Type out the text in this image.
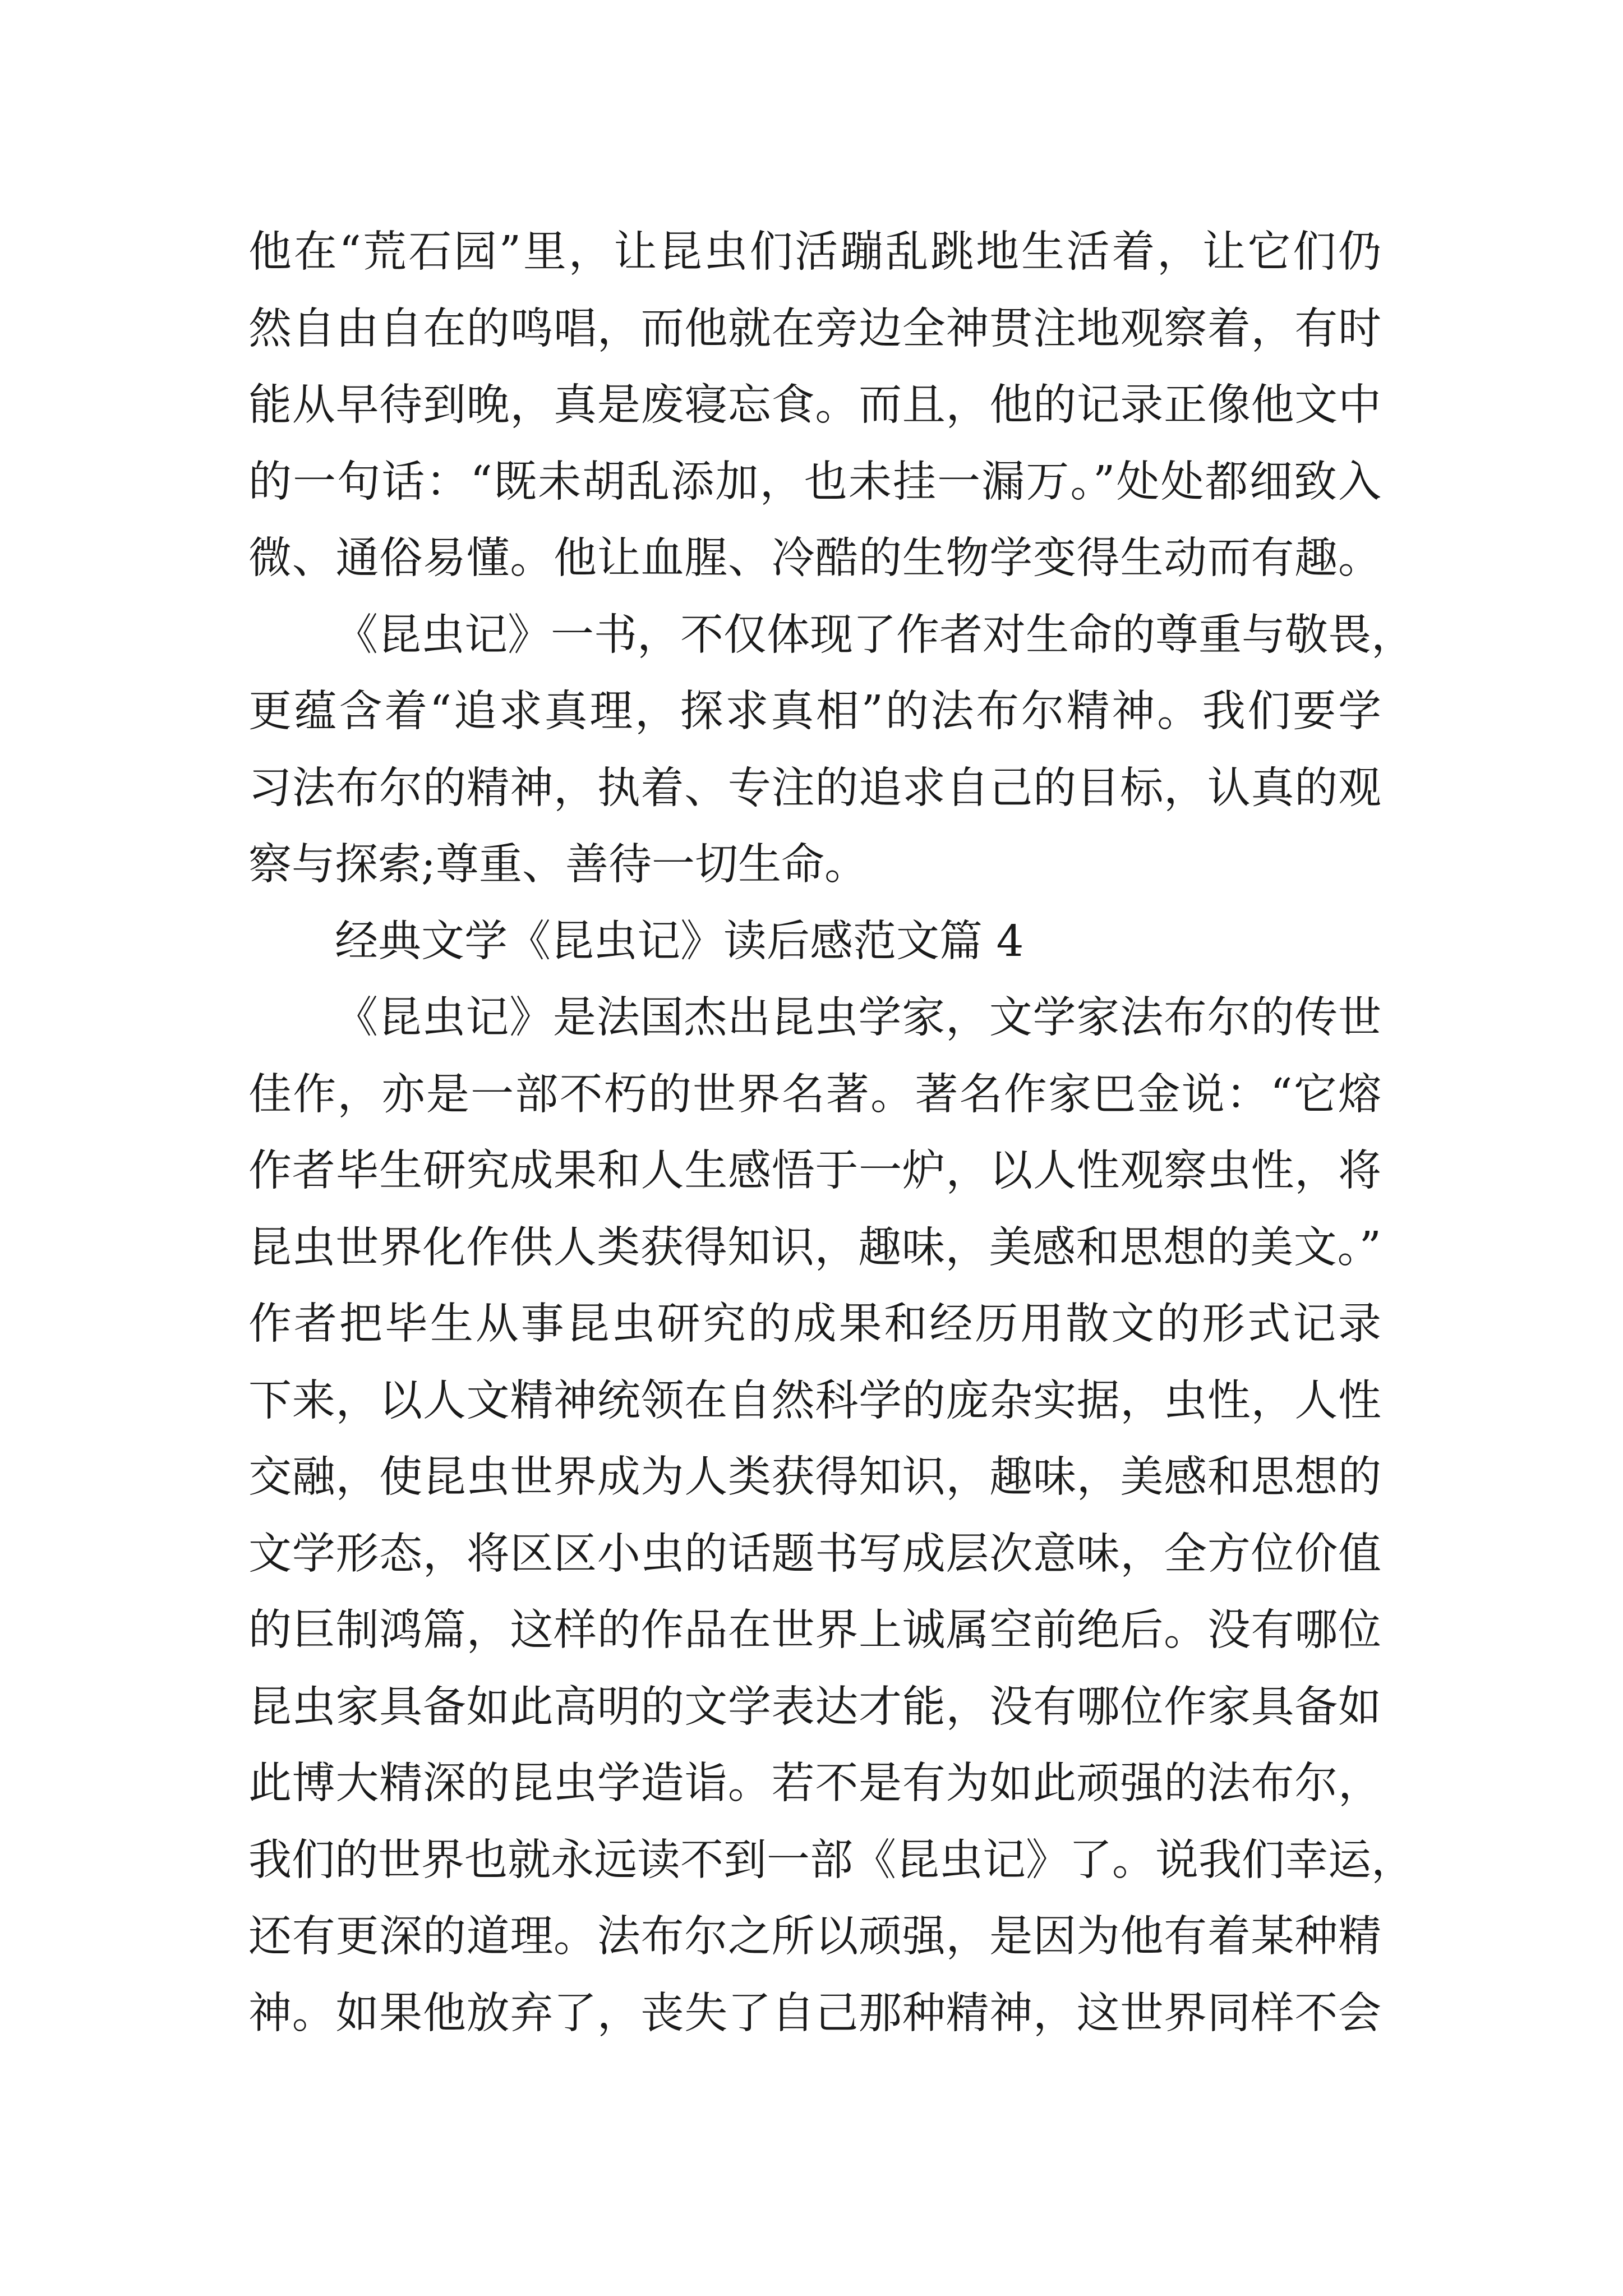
他在“荒石园”里，让昆虫们活蹦乱跳地生活着，让它们仍
然自由自在的鸣唱，而他就在旁边全神贯注地观察着，有时
能从早待到晚，真是废寝忘食。而且，他的记录正像他文中
的一句话：“既未胡乱添加，也未挂一漏万。”处处都细致入
微、通俗易懂。他让血腥、冷酷的生物学变得生动而有趣。
《昆虫记》一书，不仅体现了作者对生命的尊重与敬畏，
更蕴含着“追求真理，探求真相”的法布尔精神。我们要学
习法布尔的精神，执着、专注的追求自己的目标，认真的观
察与探索;尊重、善待一切生命。
经典文学《昆虫记》读后感范文篇 4
《昆虫记》是法国杰出昆虫学家，文学家法布尔的传世
佳作，亦是一部不朽的世界名著。著名作家巴金说：“它熔
作者毕生研究成果和人生感悟于一炉，以人性观察虫性，将
昆虫世界化作供人类获得知识，趣味，美感和思想的美文。”
作者把毕生从事昆虫研究的成果和经历用散文的形式记录
下来，以人文精神统领在自然科学的庞杂实据，虫性，人性
交融，使昆虫世界成为人类获得知识，趣味，美感和思想的
文学形态，将区区小虫的话题书写成层次意味，全方位价值
的巨制鸿篇，这样的作品在世界上诚属空前绝后。没有哪位
昆虫家具备如此高明的文学表达才能，没有哪位作家具备如
此博大精深的昆虫学造诣。若不是有为如此顽强的法布尔，
我们的世界也就永远读不到一部《昆虫记》了。说我们幸运，
还有更深的道理。法布尔之所以顽强，是因为他有着某种精
神。如果他放弃了，丧失了自己那种精神，这世界同样不会
